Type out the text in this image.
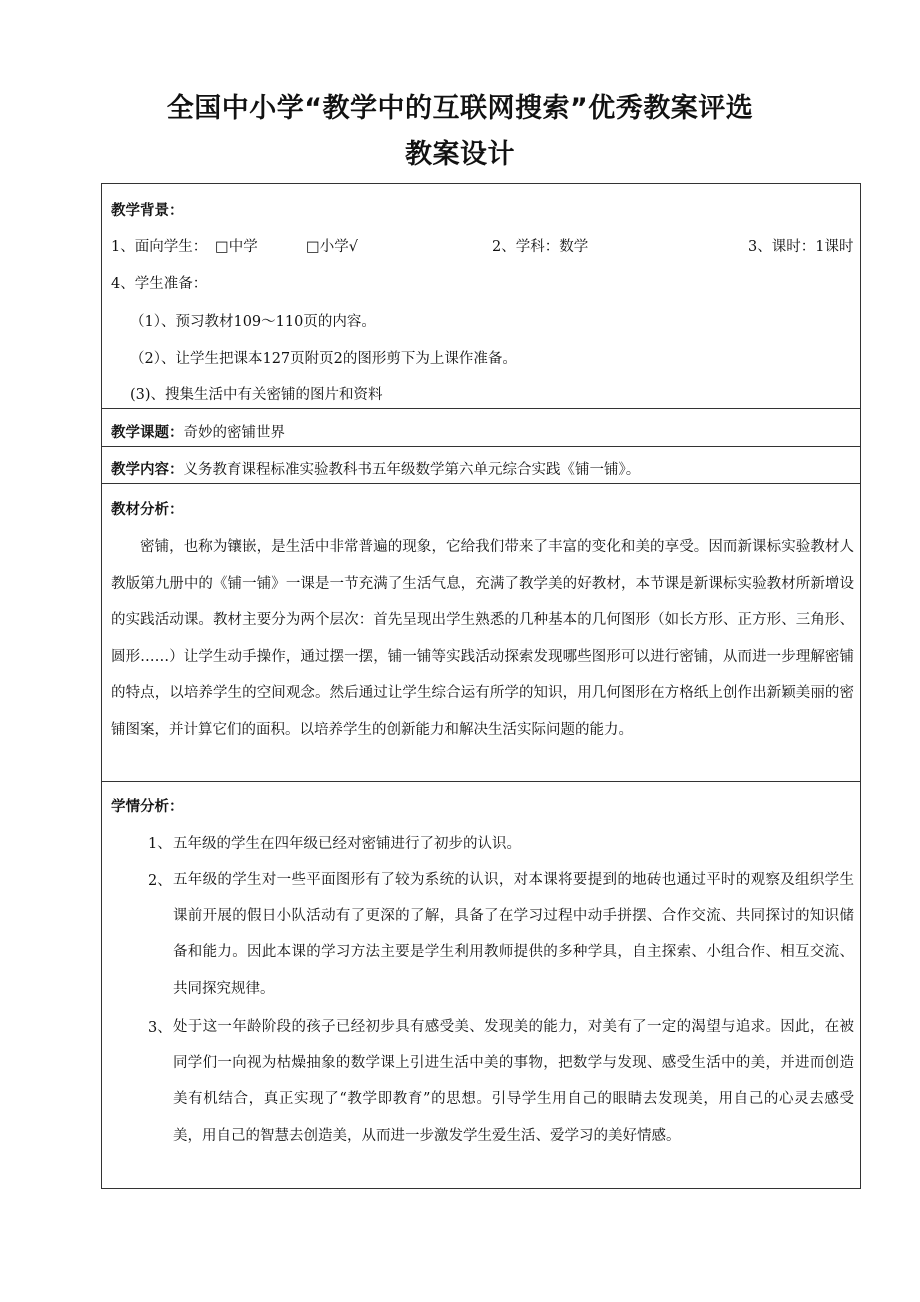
全国中小学“教学中的互联网搜索”优秀教案评选
教案设计
教学背景：
1、面向学生： □中学	□小学√	2、学科：数学	3、课时：1课时
4、学生准备：
（1）、预习教材109～110页的内容。
（2）、让学生把课本127页附页2的图形剪下为上课作准备。
(3)、搜集生活中有关密铺的图片和资料
教学课题：奇妙的密铺世界
教学内容：义务教育课程标准实验教科书五年级数学第六单元综合实践《铺一铺》。
教材分析：

密铺，也称为镶嵌，是生活中非常普遍的现象，它给我们带来了丰富的变化和美的享受。因而新课标实验教材人教版第九册中的《铺一铺》一课是一节充满了生活气息，充满了教学美的好教材，本节课是新课标实验教材所新增设的实践活动课。教材主要分为两个层次：首先呈现出学生熟悉的几种基本的几何图形（如长方形、正方形、三角形、圆形……）让学生动手操作，通过摆一摆，铺一铺等实践活动探索发现哪些图形可以进行密铺，从而进一步理解密铺的特点，以培养学生的空间观念。然后通过让学生综合运有所学的知识，用几何图形在方格纸上创作出新颖美丽的密铺图案，并计算它们的面积。以培养学生的创新能力和解决生活实际问题的能力。

学情分析：
1、 五年级的学生在四年级已经对密铺进行了初步的认识。
2、 五年级的学生对一些平面图形有了较为系统的认识，对本课将要提到的地砖也通过平时的观察及组织学生课前开展的假日小队活动有了更深的了解，具备了在学习过程中动手拼摆、合作交流、共同探讨的知识储备和能力。因此本课的学习方法主要是学生利用教师提供的多种学具，自主探索、小组合作、相互交流、共同探究规律。

3、 处于这一年龄阶段的孩子已经初步具有感受美、发现美的能力，对美有了一定的渴望与追求。因此，在被同学们一向视为枯燥抽象的数学课上引进生活中美的事物，把数学与发现、感受生活中的美，并进而创造美有机结合，真正实现了“教学即教育”的思想。引导学生用自己的眼睛去发现美，用自己的心灵去感受美，用自己的智慧去创造美，从而进一步激发学生爱生活、爱学习的美好情感。
